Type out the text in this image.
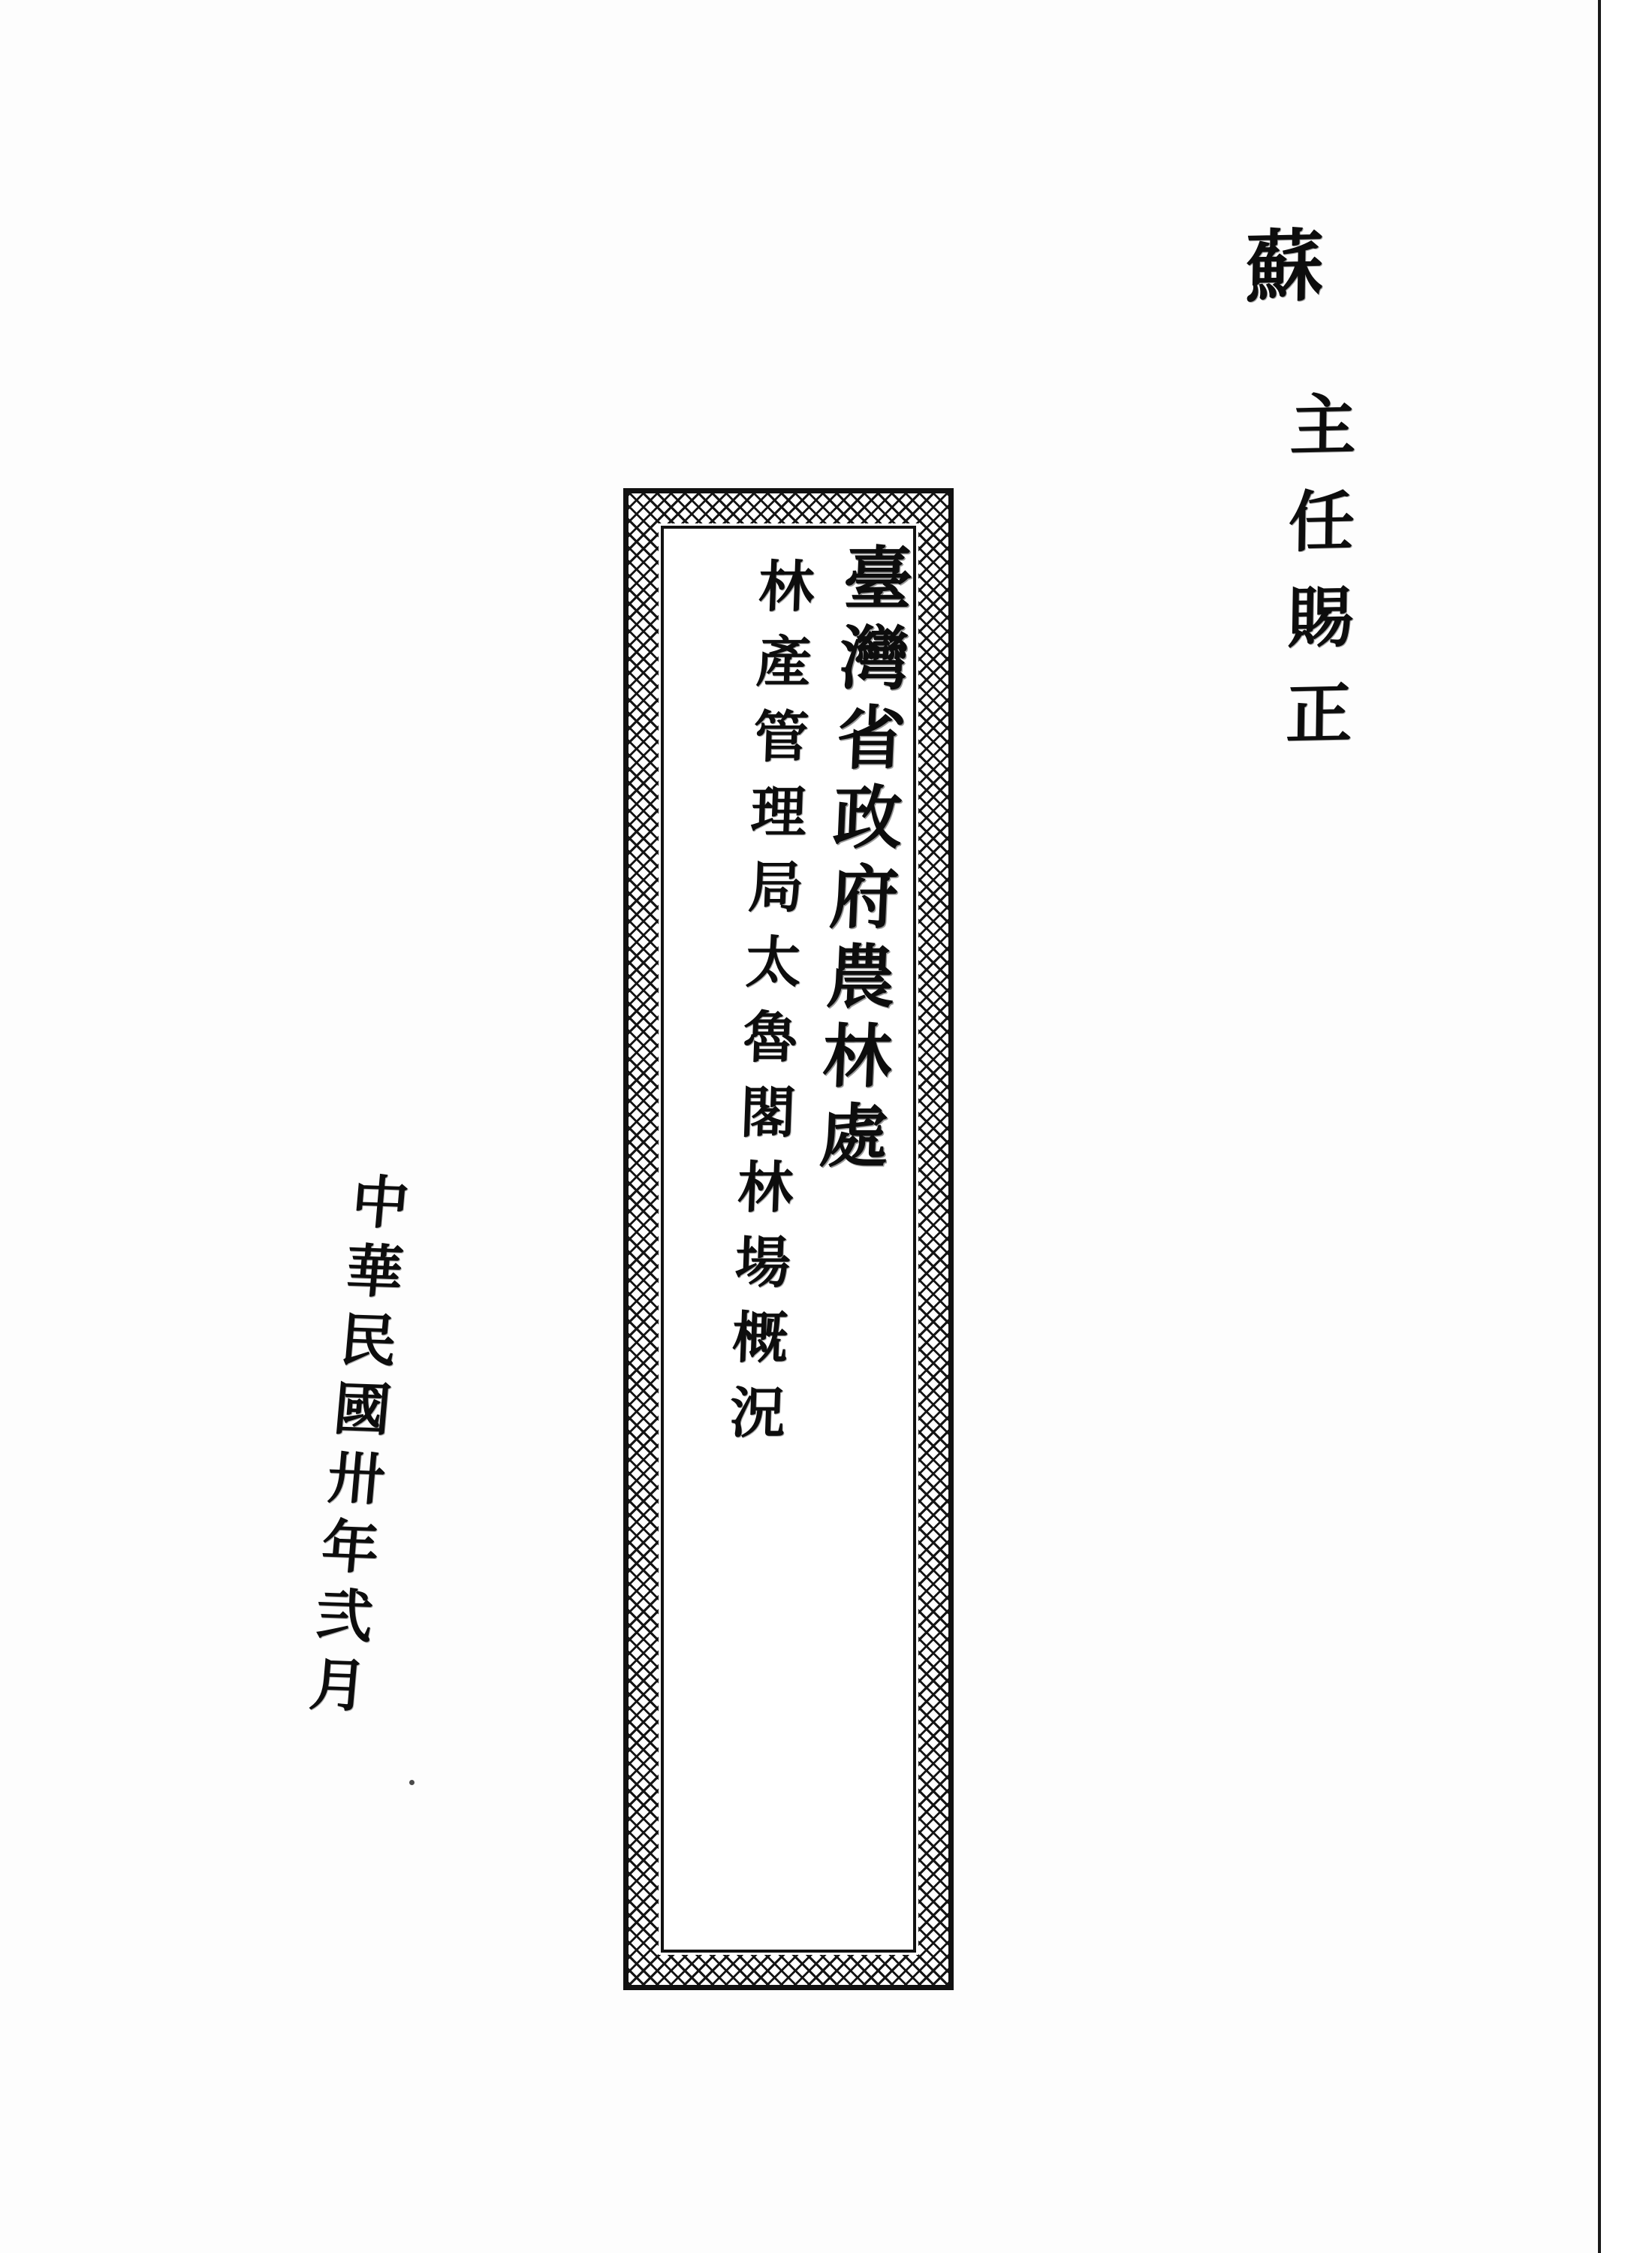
蘇
主任賜正
臺灣省政府農林處
林產管理局太魯閣林場概況
中華民國卅年弐月
